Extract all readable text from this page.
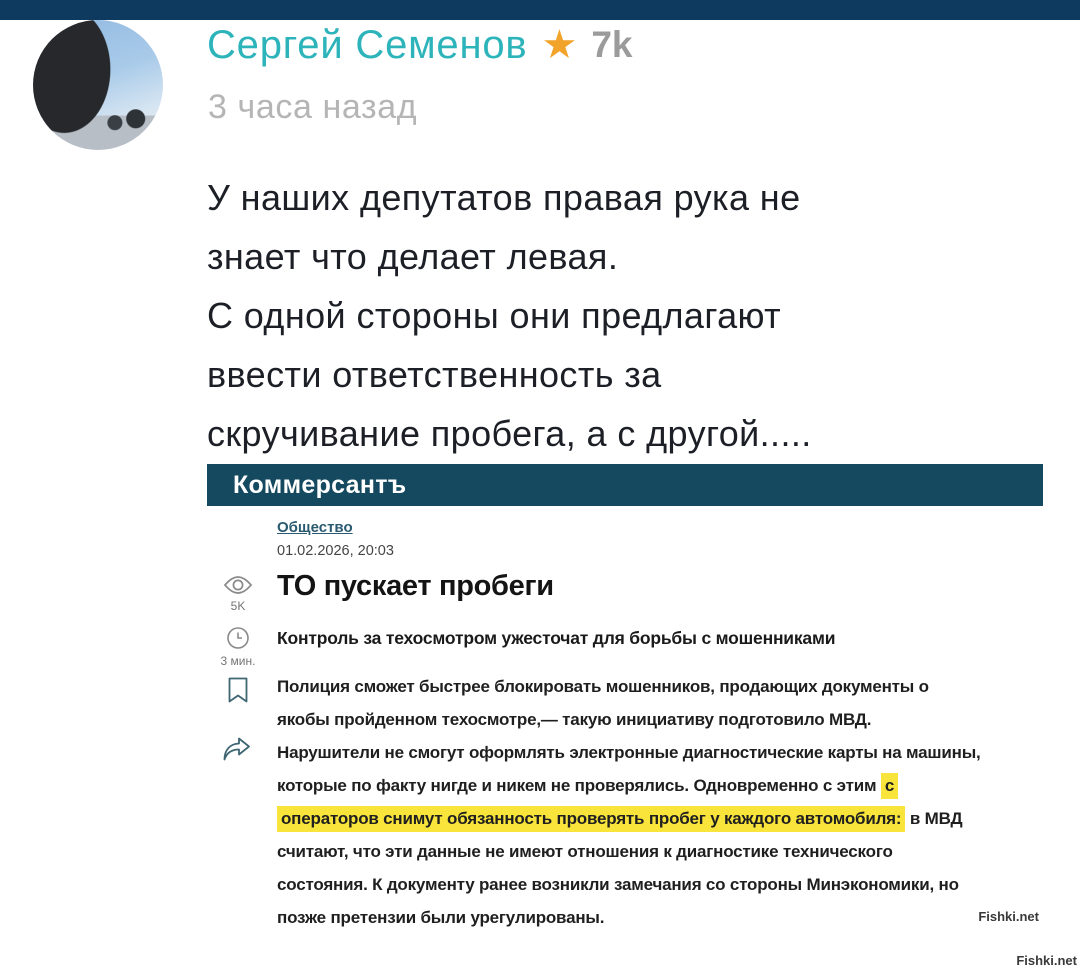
Сергей Семенов ★ 7k
3 часа назад
У наших депутатов правая рука не
знает что делает левая.
С одной стороны они предлагают
ввести ответственность за
скручивание пробега, а с другой.....
Коммерсантъ
Общество
01.02.2026, 20:03
5K
3 мин.
ТО пускает пробеги
Контроль за техосмотром ужесточат для борьбы с мошенниками
Полиция сможет быстрее блокировать мошенников, продающих документы о
якобы пройденном техосмотре,— такую инициативу подготовило МВД.
Нарушители не смогут оформлять электронные диагностические карты на машины,
которые по факту нигде и никем не проверялись. Одновременно с этим с
операторов снимут обязанность проверять пробег у каждого автомобиля: в МВД
считают, что эти данные не имеют отношения к диагностике технического
состояния. К документу ранее возникли замечания со стороны Минэкономики, но
позже претензии были урегулированы.	Fishki.net
Fishki.net
